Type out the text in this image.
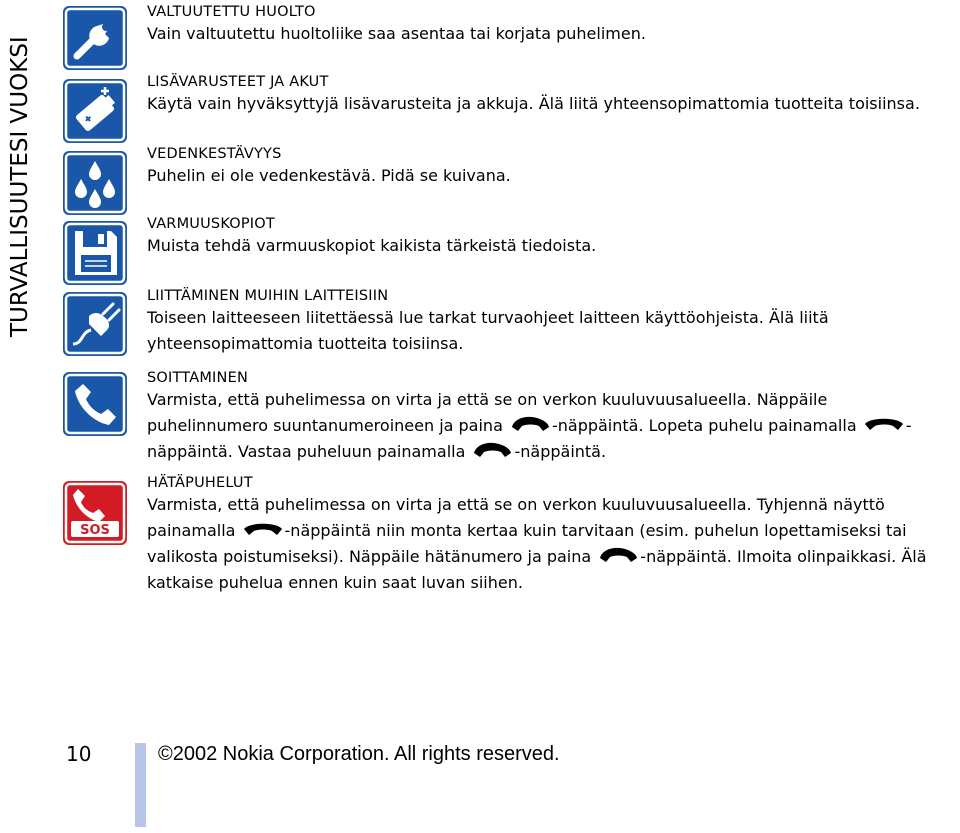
TURVALLISUUTESI VUOKSI
SOS
VALTUUTETTU HUOLTO
Vain valtuutettu huoltoliike saa asentaa tai korjata puhelimen.
LISÄVARUSTEET JA AKUT
Käytä vain hyväksyttyjä lisävarusteita ja akkuja. Älä liitä yhteensopimattomia tuotteita toisiinsa.
VEDENKESTÄVYYS
Puhelin ei ole vedenkestävä. Pidä se kuivana.
VARMUUSKOPIOT
Muista tehdä varmuuskopiot kaikista tärkeistä tiedoista.
LIITTÄMINEN MUIHIN LAITTEISIIN
Toiseen laitteeseen liitettäessä lue tarkat turvaohjeet laitteen käyttöohjeista. Älä liitä yhteensopimattomia tuotteita toisiinsa.
SOITTAMINEN
Varmista, että puhelimessa on virta ja että se on verkon kuuluvuusalueella. Näppäile puhelinnumero suuntanumeroineen ja paina	-näppäintä. Lopeta puhelu painamalla	-näppäintä. Vastaa puheluun painamalla	-näppäintä.
HÄTÄPUHELUT
Varmista, että puhelimessa on virta ja että se on verkon kuuluvuusalueella. Tyhjennä näyttö painamalla	-näppäintä niin monta kertaa kuin tarvitaan (esim. puhelun lopettamiseksi tai valikosta poistumiseksi). Näppäile hätänumero ja paina	-näppäintä. Ilmoita olinpaikkasi. Älä katkaise puhelua ennen kuin saat luvan siihen.
10	©2002 Nokia Corporation. All rights reserved.
